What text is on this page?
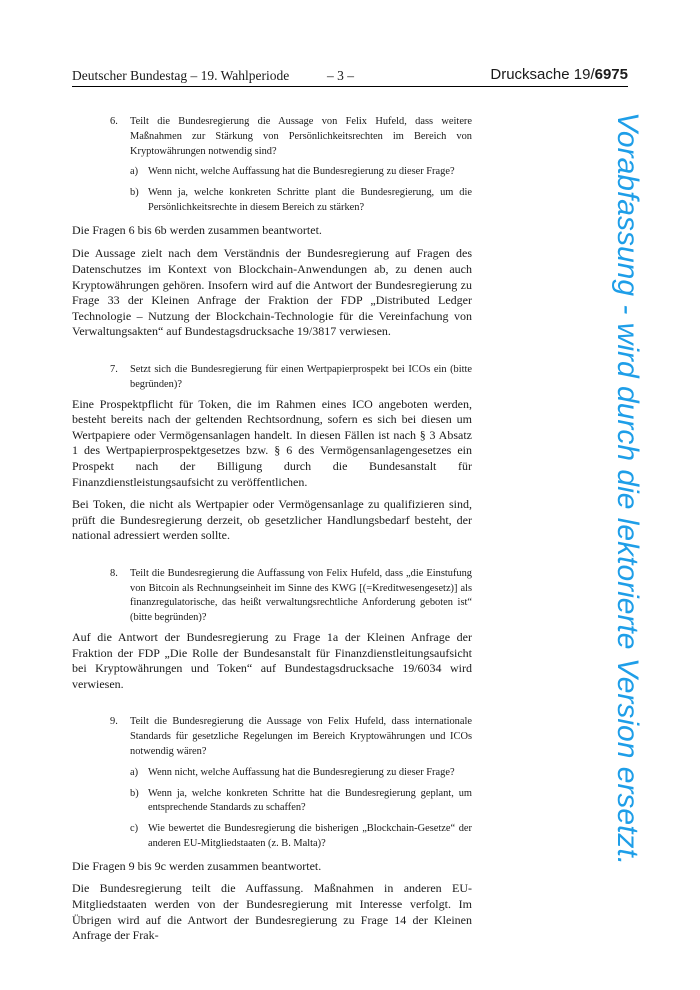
Deutscher Bundestag – 19. Wahlperiode	– 3 –	Drucksache 19/6975
6.	Teilt die Bundesregierung die Aussage von Felix Hufeld, dass weitere Maßnahmen zur Stärkung von Persönlichkeitsrechten im Bereich von Kryptowährungen notwendig sind?
a) Wenn nicht, welche Auffassung hat die Bundesregierung zu dieser Frage?
b) Wenn ja, welche konkreten Schritte plant die Bundesregierung, um die Persönlichkeitsrechte in diesem Bereich zu stärken?

Die Fragen 6 bis 6b werden zusammen beantwortet.

Die Aussage zielt nach dem Verständnis der Bundesregierung auf Fragen des Datenschutzes im Kontext von Blockchain-Anwendungen ab, zu denen auch Kryptowährungen gehören. Insofern wird auf die Antwort der Bundesregierung zu Frage 33 der Kleinen Anfrage der Fraktion der FDP „Distributed Ledger Technologie – Nutzung der Blockchain-Technologie für die Vereinfachung von Verwaltungsakten“ auf Bundestagsdrucksache 19/3817 verwiesen.

7.	Setzt sich die Bundesregierung für einen Wertpapierprospekt bei ICOs ein (bitte begründen)?

Eine Prospektpflicht für Token, die im Rahmen eines ICO angeboten werden, besteht bereits nach der geltenden Rechtsordnung, sofern es sich bei diesen um Wertpapiere oder Vermögensanlagen handelt. In diesen Fällen ist nach § 3 Absatz 1 des Wertpapierprospektgesetzes bzw. § 6 des Vermögensanlagengesetzes ein Prospekt nach der Billigung durch die Bundesanstalt für Finanzdienstleistungsaufsicht zu veröffentlichen.

Bei Token, die nicht als Wertpapier oder Vermögensanlage zu qualifizieren sind, prüft die Bundesregierung derzeit, ob gesetzlicher Handlungsbedarf besteht, der national adressiert werden sollte.

8.	Teilt die Bundesregierung die Auffassung von Felix Hufeld, dass „die Einstufung von Bitcoin als Rechnungseinheit im Sinne des KWG [(=Kreditwesengesetz)] als finanzregulatorische, das heißt verwaltungsrechtliche Anforderung geboten ist“ (bitte begründen)?

Auf die Antwort der Bundesregierung zu Frage 1a der Kleinen Anfrage der Fraktion der FDP „Die Rolle der Bundesanstalt für Finanzdienstleitungsaufsicht bei Kryptowährungen und Token“ auf Bundestagsdrucksache 19/6034 wird verwiesen.

9.	Teilt die Bundesregierung die Aussage von Felix Hufeld, dass internationale Standards für gesetzliche Regelungen im Bereich Kryptowährungen und ICOs notwendig wären?
a) Wenn nicht, welche Auffassung hat die Bundesregierung zu dieser Frage?
b) Wenn ja, welche konkreten Schritte hat die Bundesregierung geplant, um entsprechende Standards zu schaffen?
c) Wie bewertet die Bundesregierung die bisherigen „Blockchain-Gesetze“ der anderen EU-Mitgliedstaaten (z. B. Malta)?

Die Fragen 9 bis 9c werden zusammen beantwortet.

Die Bundesregierung teilt die Auffassung. Maßnahmen in anderen EU-Mitgliedstaaten werden von der Bundesregierung mit Interesse verfolgt. Im Übrigen wird auf die Antwort der Bundesregierung zu Frage 14 der Kleinen Anfrage der Frak-

Vorabfassung - wird durch die lektorierte Version ersetzt.
